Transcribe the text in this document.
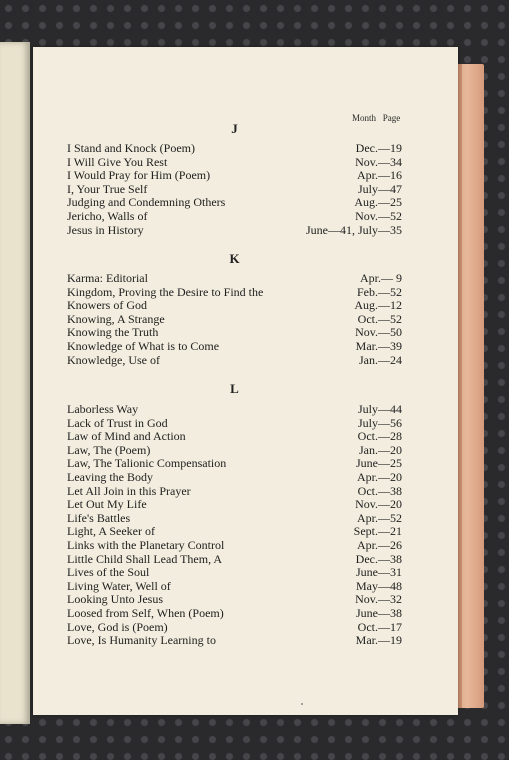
Month Page
J
I Stand and Knock (Poem)	Dec.—19
I Will Give You Rest	Nov.—34
I Would Pray for Him (Poem)	Apr.—16
I, Your True Self	July—47
Judging and Condemning Others	Aug.—25
Jericho, Walls of	Nov.—52
Jesus in History	June—41, July—35
K
Karma: Editorial	Apr.— 9
Kingdom, Proving the Desire to Find the	Feb.—52
Knowers of God	Aug.—12
Knowing, A Strange	Oct.—52
Knowing the Truth	Nov.—50
Knowledge of What is to Come	Mar.—39
Knowledge, Use of	Jan.—24
L
Laborless Way	July—44
Lack of Trust in God	July—56
Law of Mind and Action	Oct.—28
Law, The (Poem)	Jan.—20
Law, The Talionic Compensation	June—25
Leaving the Body	Apr.—20
Let All Join in this Prayer	Oct.—38
Let Out My Life	Nov.—20
Life's Battles	Apr.—52
Light, A Seeker of	Sept.—21
Links with the Planetary Control	Apr.—26
Little Child Shall Lead Them, A	Dec.—38
Lives of the Soul	June—31
Living Water, Well of	May—48
Looking Unto Jesus	Nov.—32
Loosed from Self, When (Poem)	June—38
Love, God is (Poem)	Oct.—17
Love, Is Humanity Learning to	Mar.—19
